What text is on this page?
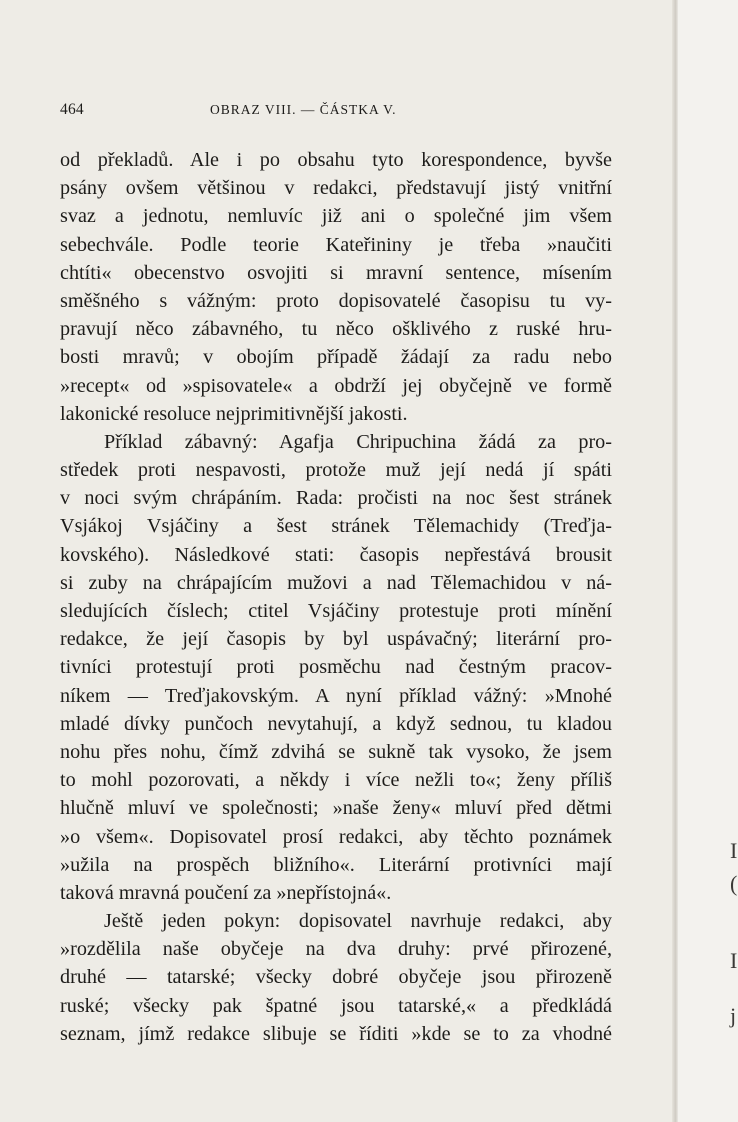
464	OBRAZ VIII. — ČÁSTKA V.
od překladů. Ale i po obsahu tyto korespondence, byvše
psány ovšem většinou v redakci, představují jistý vnitřní
svaz a jednotu, nemluvíc již ani o společné jim všem
sebechvále. Podle teorie Kateřininy je třeba »naučiti
chtíti« obecenstvo osvojiti si mravní sentence, mísením
směšného s vážným: proto dopisovatelé časopisu tu vy-
pravují něco zábavného, tu něco ošklivého z ruské hru-
bosti mravů; v obojím případě žádají za radu nebo
»recept« od »spisovatele« a obdrží jej obyčejně ve formě
lakonické resoluce nejprimitivnější jakosti.
Příklad zábavný: Agafja Chripuchina žádá za pro-
středek proti nespavosti, protože muž její nedá jí spáti
v noci svým chrápáním. Rada: pročisti na noc šest stránek
Vsjákoj Vsjáčiny a šest stránek Tělemachidy (Treďja-
kovského). Následkové stati: časopis nepřestává brousit
si zuby na chrápajícím mužovi a nad Tělemachidou v ná-
sledujících číslech; ctitel Vsjáčiny protestuje proti mínění
redakce, že její časopis by byl uspávačný; literární pro-
tivníci protestují proti posměchu nad čestným pracov-
níkem — Treďjakovským. A nyní příklad vážný: »Mnohé
mladé dívky punčoch nevytahují, a když sednou, tu kladou
nohu přes nohu, čímž zdvihá se sukně tak vysoko, že jsem
to mohl pozorovati, a někdy i více nežli to«; ženy příliš
hlučně mluví ve společnosti; »naše ženy« mluví před dětmi
»o všem«. Dopisovatel prosí redakci, aby těchto poznámek
»užila na prospěch bližního«. Literární protivníci mají
taková mravná poučení za »nepřístojná«.
Ještě jeden pokyn: dopisovatel navrhuje redakci, aby
»rozdělila naše obyčeje na dva druhy: prvé přirozené,
druhé — tatarské; všecky dobré obyčeje jsou přirozeně
ruské; všecky pak špatné jsou tatarské,« a předkládá
seznam, jímž redakce slibuje se říditi »kde se to za vhodné
I
(
I
j
